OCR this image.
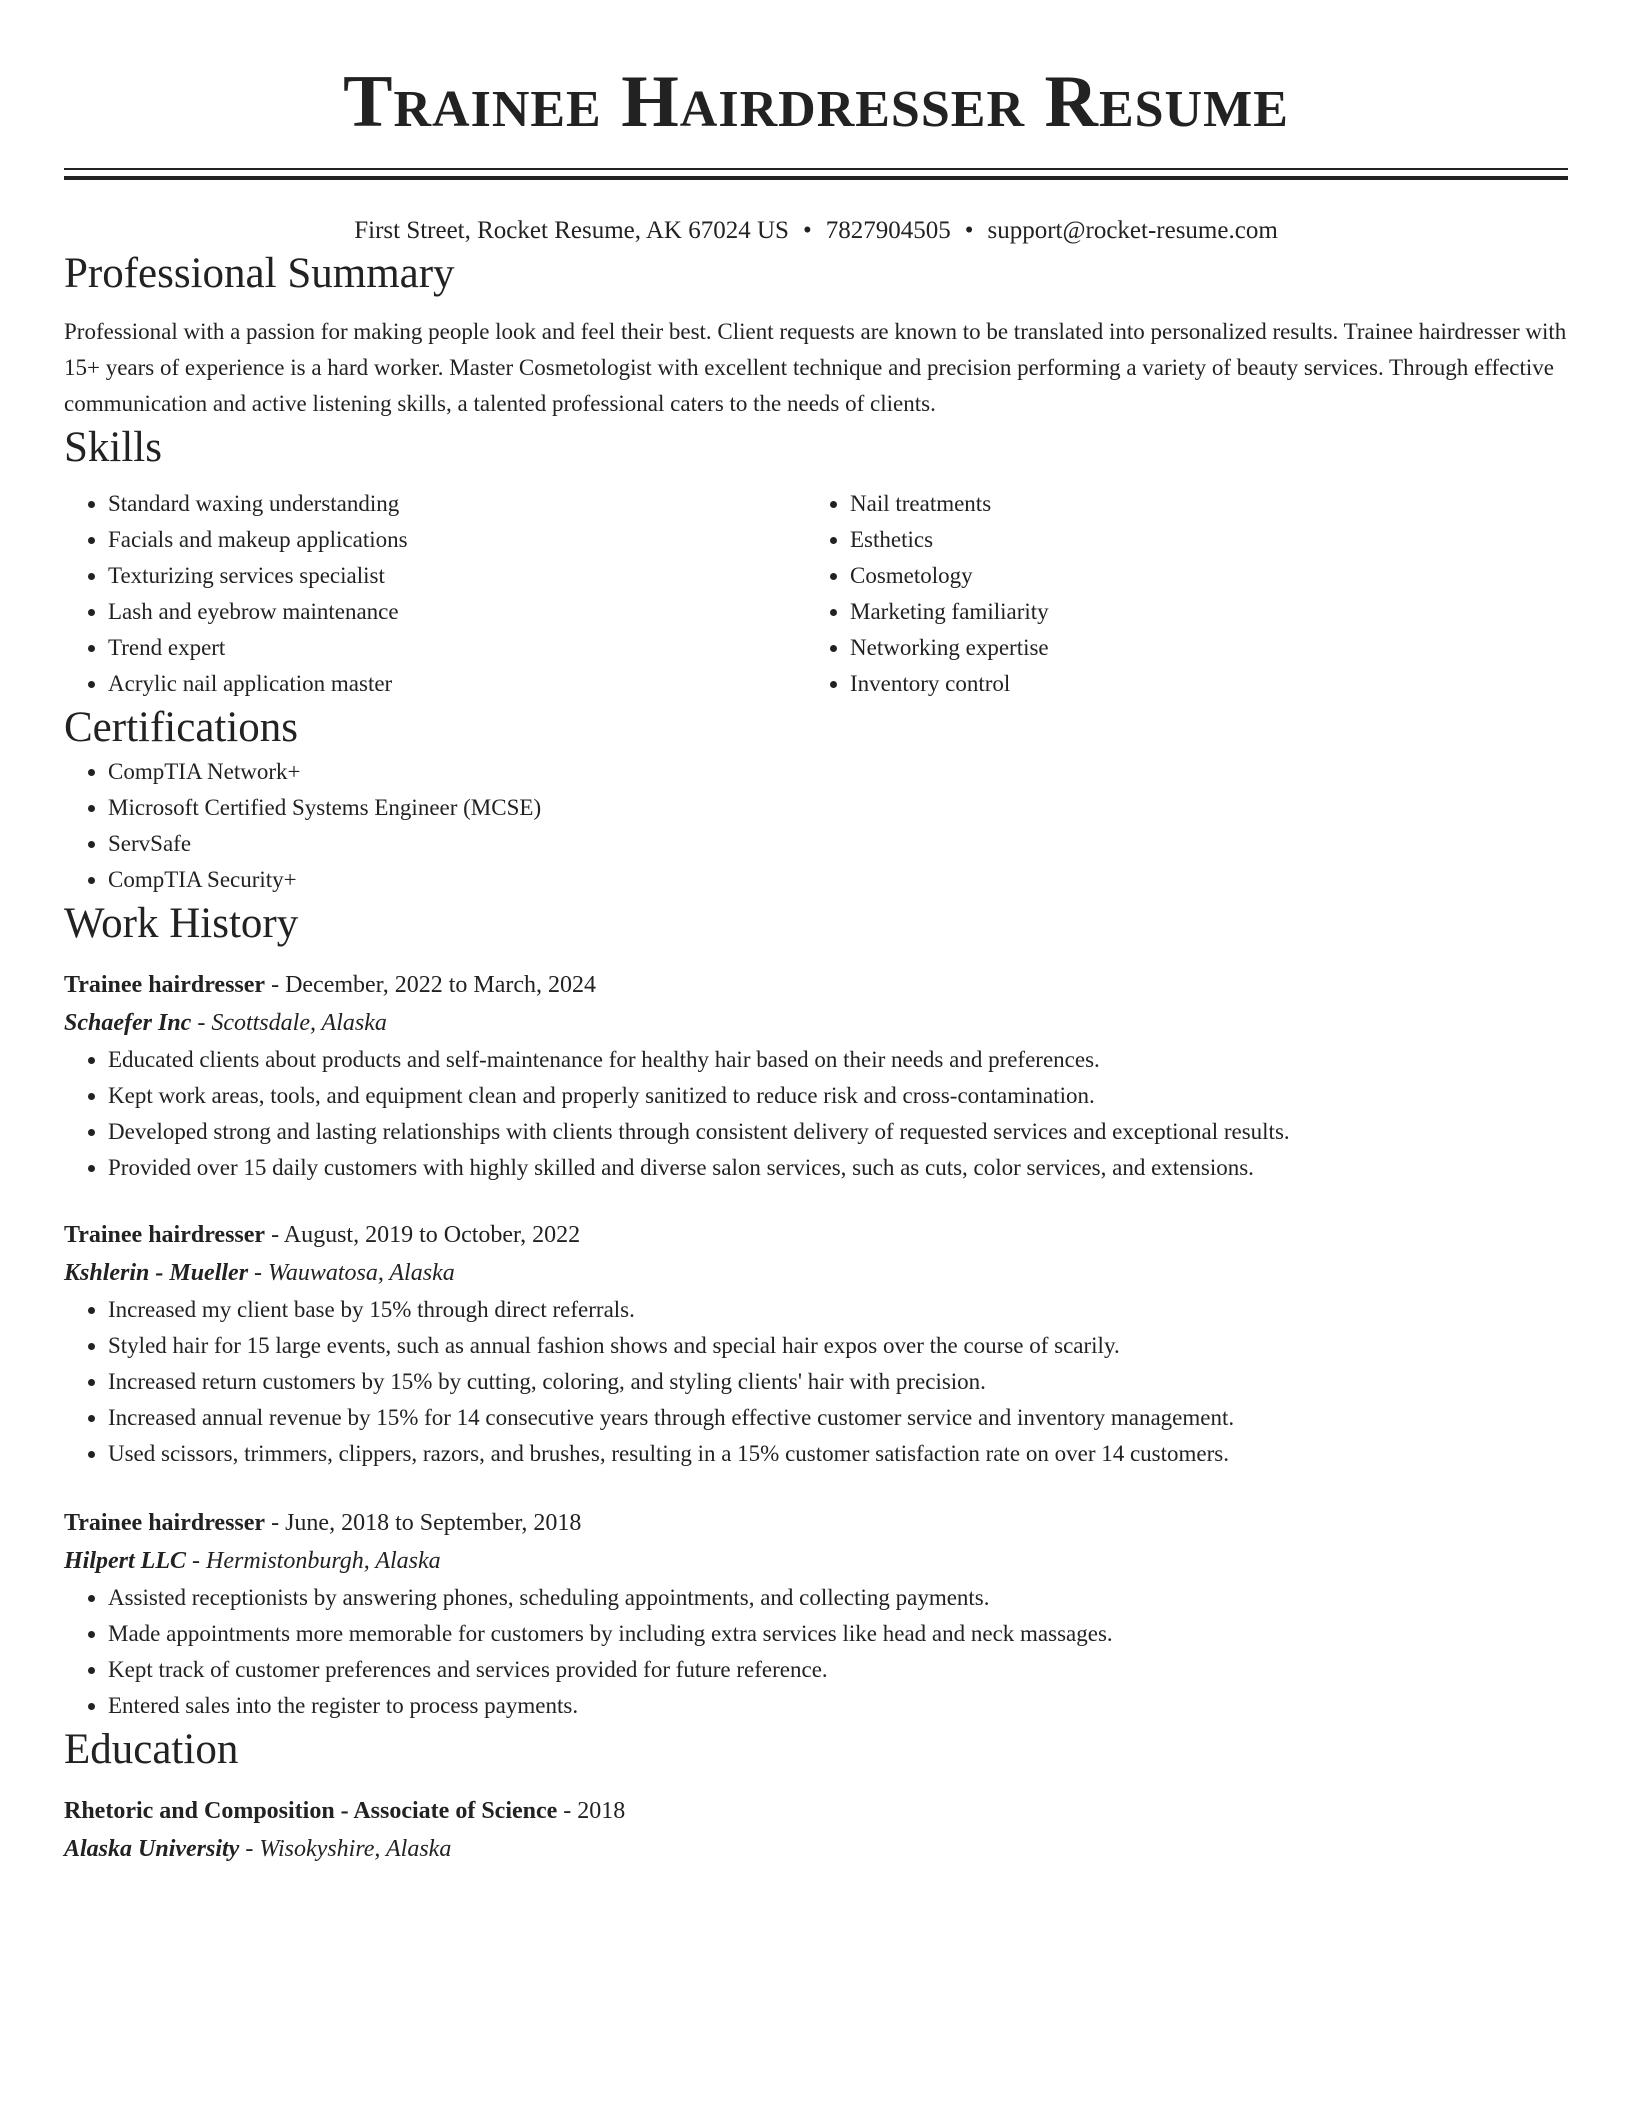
Trainee Hairdresser Resume
First Street, Rocket Resume, AK 67024 US • 7827904505 • support@rocket-resume.com
Professional Summary
Professional with a passion for making people look and feel their best. Client requests are known to be translated into personalized results. Trainee hairdresser with 15+ years of experience is a hard worker. Master Cosmetologist with excellent technique and precision performing a variety of beauty services. Through effective communication and active listening skills, a talented professional caters to the needs of clients.
Skills
• Standard waxing understanding
• Facials and makeup applications
• Texturizing services specialist
• Lash and eyebrow maintenance
• Trend expert
• Acrylic nail application master
• Nail treatments
• Esthetics
• Cosmetology
• Marketing familiarity
• Networking expertise
• Inventory control
Certifications
• CompTIA Network+
• Microsoft Certified Systems Engineer (MCSE)
• ServSafe
• CompTIA Security+
Work History
Trainee hairdresser - December, 2022 to March, 2024
Schaefer Inc - Scottsdale, Alaska
• Educated clients about products and self-maintenance for healthy hair based on their needs and preferences.
• Kept work areas, tools, and equipment clean and properly sanitized to reduce risk and cross-contamination.
• Developed strong and lasting relationships with clients through consistent delivery of requested services and exceptional results.
• Provided over 15 daily customers with highly skilled and diverse salon services, such as cuts, color services, and extensions.
Trainee hairdresser - August, 2019 to October, 2022
Kshlerin - Mueller - Wauwatosa, Alaska
• Increased my client base by 15% through direct referrals.
• Styled hair for 15 large events, such as annual fashion shows and special hair expos over the course of scarily.
• Increased return customers by 15% by cutting, coloring, and styling clients' hair with precision.
• Increased annual revenue by 15% for 14 consecutive years through effective customer service and inventory management.
• Used scissors, trimmers, clippers, razors, and brushes, resulting in a 15% customer satisfaction rate on over 14 customers.
Trainee hairdresser - June, 2018 to September, 2018
Hilpert LLC - Hermistonburgh, Alaska
• Assisted receptionists by answering phones, scheduling appointments, and collecting payments.
• Made appointments more memorable for customers by including extra services like head and neck massages.
• Kept track of customer preferences and services provided for future reference.
• Entered sales into the register to process payments.
Education
Rhetoric and Composition - Associate of Science - 2018
Alaska University - Wisokyshire, Alaska
